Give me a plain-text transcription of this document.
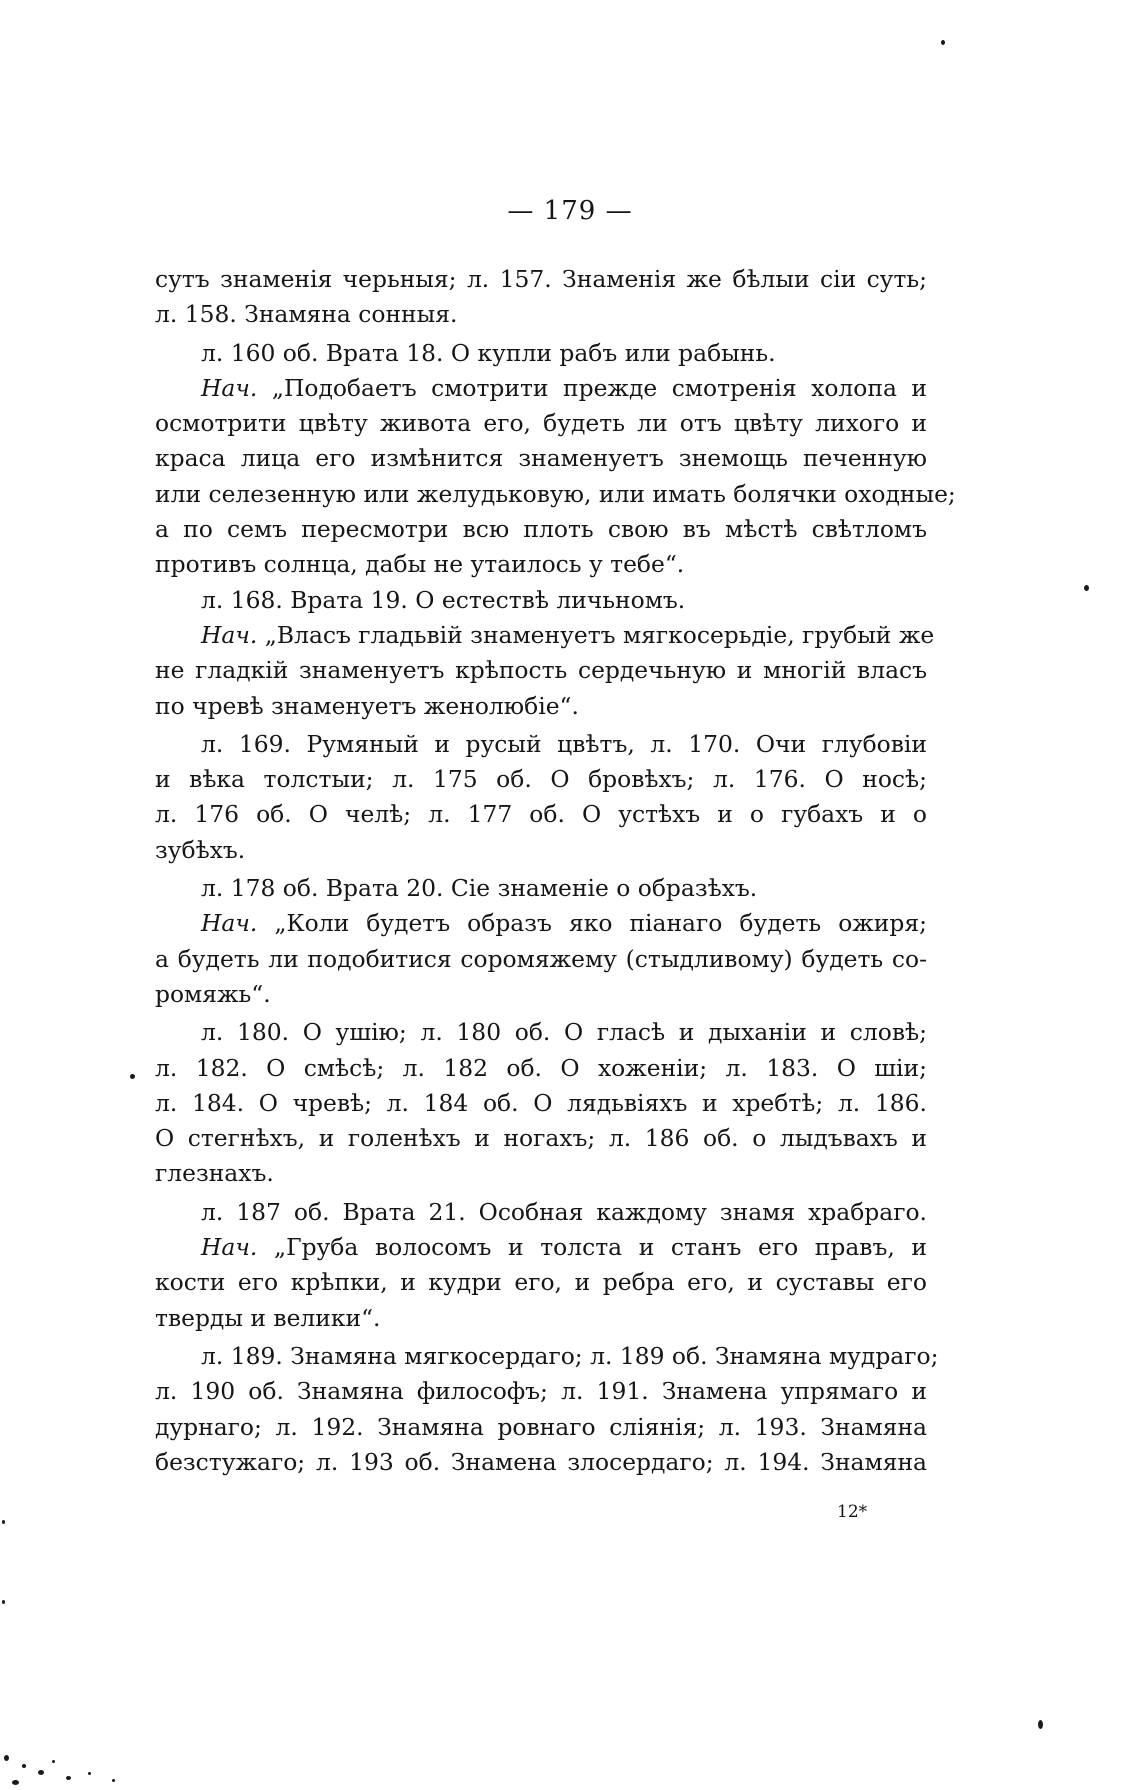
— 179 —
сутъ знаменія черьныя; л. 157. Знаменія же бѣлыи сіи суть;
л. 158. Знамяна сонныя.
л. 160 об. Врата 18. О купли рабъ или рабынь.
Нач. „Подобаетъ смотрити прежде смотренія холопа и
осмотрити цвѣту живота его, будеть ли отъ цвѣту лихого и
краса лица его измѣнится знаменуетъ знемощь печенную
или селезенную или желудьковую, или имать болячки оходные;
а по семъ пересмотри всю плоть свою въ мѣстѣ свѣтломъ
противъ солнца, дабы не утаилось у тебе“.
л. 168. Врата 19. О естествѣ личьномъ.
Нач. „Власъ гладьвій знаменуетъ мягкосерьдіе, грубый же
не гладкій знаменуетъ крѣпость сердечьную и многій власъ
по чревѣ знаменуетъ женолюбіе“.
л. 169. Румяный и русый цвѣтъ, л. 170. Очи глубовіи
и вѣка толстыи; л. 175 об. О бровѣхъ; л. 176. О носѣ;
л. 176 об. О челѣ; л. 177 об. О устѣхъ и о губахъ и о
зубѣхъ.
л. 178 об. Врата 20. Сіе знаменіе о образѣхъ.
Нач. „Коли будетъ образъ яко піанаго будеть ожиря;
а будеть ли подобитися соромяжему (стыдливому) будеть со-
ромяжь“.
л. 180. О ушію; л. 180 об. О гласѣ и дыханіи и словѣ;
л. 182. О смѣсѣ; л. 182 об. О хоженіи; л. 183. О шіи;
л. 184. О чревѣ; л. 184 об. О лядьвіяхъ и хребтѣ; л. 186.
О стегнѣхъ, и голенѣхъ и ногахъ; л. 186 об. о лыдъвахъ и
глезнахъ.
л. 187 об. Врата 21. Особная каждому знамя храбраго.
Нач. „Груба волосомъ и толста и станъ его правъ, и
кости его крѣпки, и кудри его, и ребра его, и суставы его
тверды и велики“.
л. 189. Знамяна мягкосердаго; л. 189 об. Знамяна мудраго;
л. 190 об. Знамяна философъ; л. 191. Знамена упрямаго и
дурнаго; л. 192. Знамяна ровнаго сліянія; л. 193. Знамяна
безстужаго; л. 193 об. Знамена злосердаго; л. 194. Знамяна
12*
